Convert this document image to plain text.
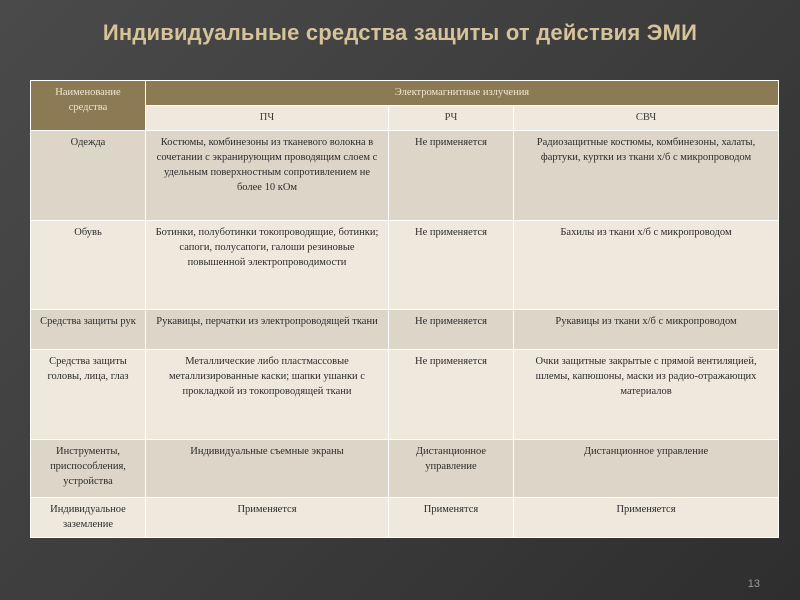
Индивидуальные средства защиты от действия ЭМИ
Наименование средства	Электромагнитные излучения		
	ПЧ	РЧ	СВЧ
Одежда	Костюмы, комбинезоны из тканевого волокна в сочетании с экранирующим проводящим слоем с удельным поверхностным сопротивлением не более 10 кОм	Не применяется	Радиозащитные костюмы, комбинезоны, халаты, фартуки, куртки из ткани х/б с микропроводом
Обувь	Ботинки, полуботинки токопроводящие, ботинки; сапоги, полусапоги, галоши резиновые повышенной электропроводимости	Не применяется	Бахилы из ткани х/б с микропроводом
Средства защиты рук	Рукавицы, перчатки из электропроводящей ткани	Не применяется	Рукавицы из ткани х/б с микропроводом
Средства защиты головы, лица, глаз	Металлические либо пластмассовые металлизированные каски; шапки ушанки с прокладкой из токопроводящей ткани	Не применяется	Очки защитные закрытые с прямой вентиляцией, шлемы, капюшоны, маски из радио-отражающих материалов
Инструменты, приспособления, устройства	Индивидуальные съемные экраны	Дистанционное управление	Дистанционное управление
Индивидуальное заземление	Применяется	Применятся	Применяется
13
